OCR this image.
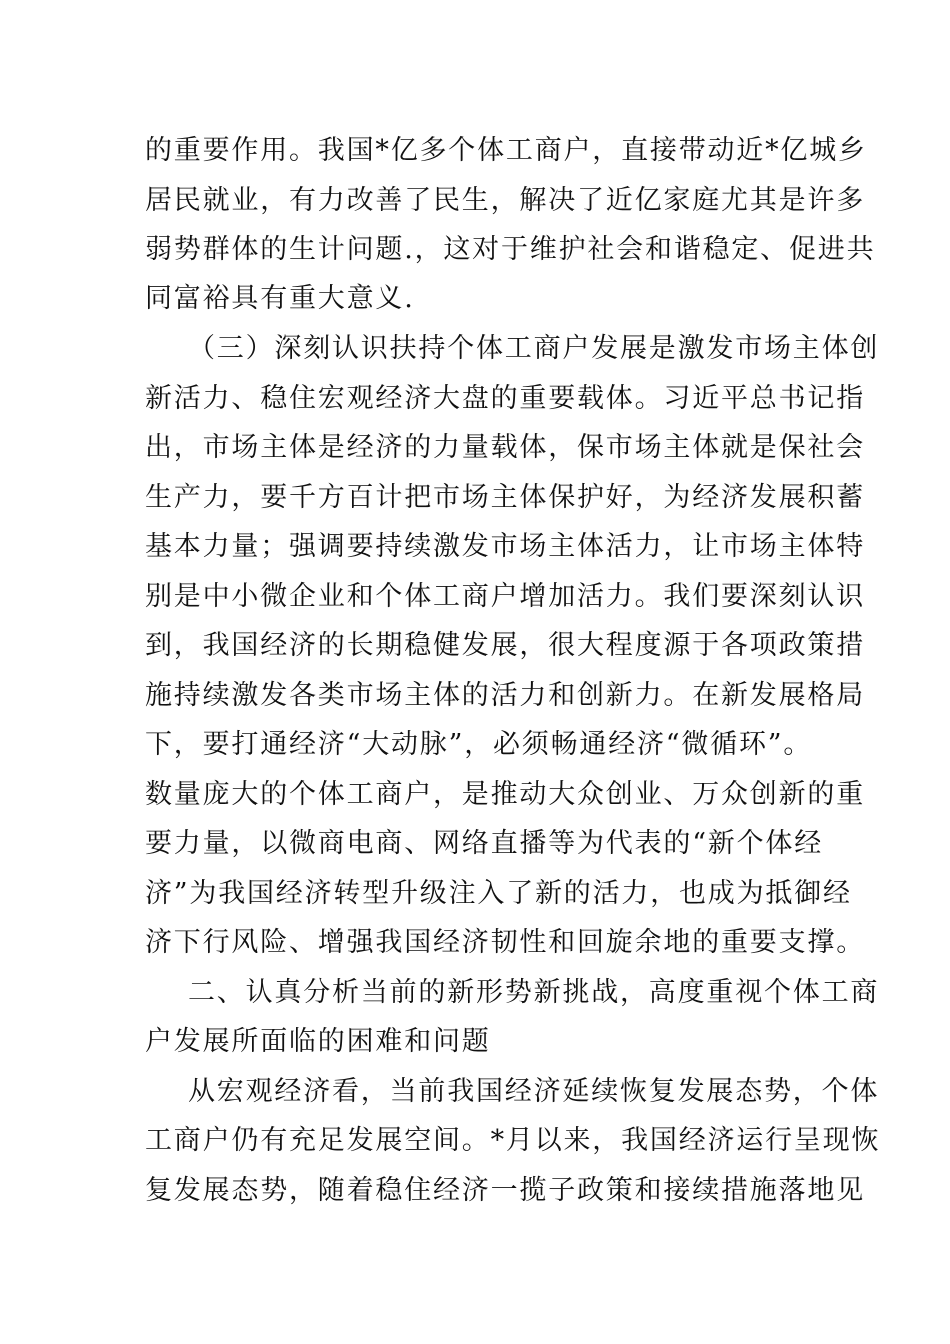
的重要作用。我国*亿多个体工商户，直接带动近*亿城乡
居民就业，有力改善了民生，解决了近亿家庭尤其是许多
弱势群体的生计问题.，这对于维护社会和谐稳定、促进共
同富裕具有重大意义.
（三）深刻认识扶持个体工商户发展是激发市场主体创
新活力、稳住宏观经济大盘的重要载体。习近平总书记指
出，市场主体是经济的力量载体，保市场主体就是保社会
生产力，要千方百计把市场主体保护好，为经济发展积蓄
基本力量；强调要持续激发市场主体活力，让市场主体特
别是中小微企业和个体工商户增加活力。我们要深刻认识
到，我国经济的长期稳健发展，很大程度源于各项政策措
施持续激发各类市场主体的活力和创新力。在新发展格局
下，要打通经济“大动脉”，必须畅通经济“微循环”。
数量庞大的个体工商户，是推动大众创业、万众创新的重
要力量，以微商电商、网络直播等为代表的“新个体经
济”为我国经济转型升级注入了新的活力，也成为抵御经
济下行风险、增强我国经济韧性和回旋余地的重要支撑。
二、认真分析当前的新形势新挑战，高度重视个体工商
户发展所面临的困难和问题
从宏观经济看，当前我国经济延续恢复发展态势，个体
工商户仍有充足发展空间。*月以来，我国经济运行呈现恢
复发展态势，随着稳住经济一揽子政策和接续措施落地见
